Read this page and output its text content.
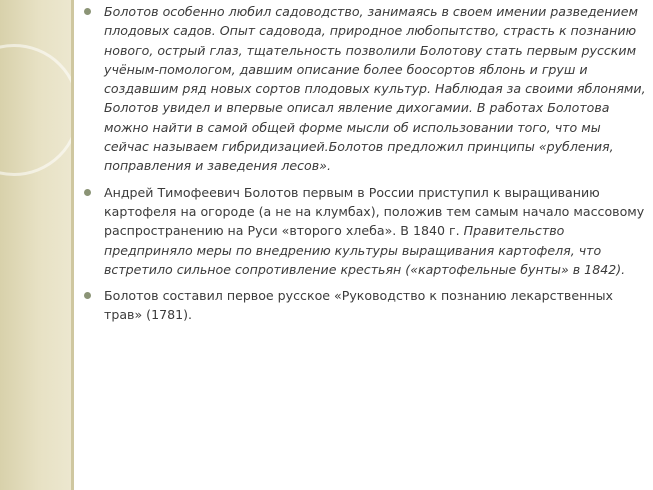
Болотов особенно любил садоводство, занимаясь в своем имении разведением плодовых садов. Опыт садовода, природное любопытство, страсть к познанию нового, острый глаз, тщательность позволили Болотову стать первым русским учёным-помологом, давшим описание более боосортов яблонь и груш и создавшим ряд новых сортов плодовых культур. Наблюдая за своими яблонями, Болотов увидел и впервые описал явление дихогамии. В работах Болотова можно найти в самой общей форме мысли об использовании того, что мы сейчас называем гибридизацией.Болотов предложил принципы «рубления, поправления и заведения лесов».
Андрей Тимофеевич Болотов первым в России приступил к выращиванию картофеля на огороде (а не на клумбах), положив тем самым начало массовому распространению на Руси «второго хлеба». В 1840 г. Правительство предприняло меры по внедрению культуры выращивания картофеля, что встретило сильное сопротивление крестьян («картофельные бунты» в 1842).
Болотов составил первое русское «Руководство к познанию лекарственных трав» (1781).
